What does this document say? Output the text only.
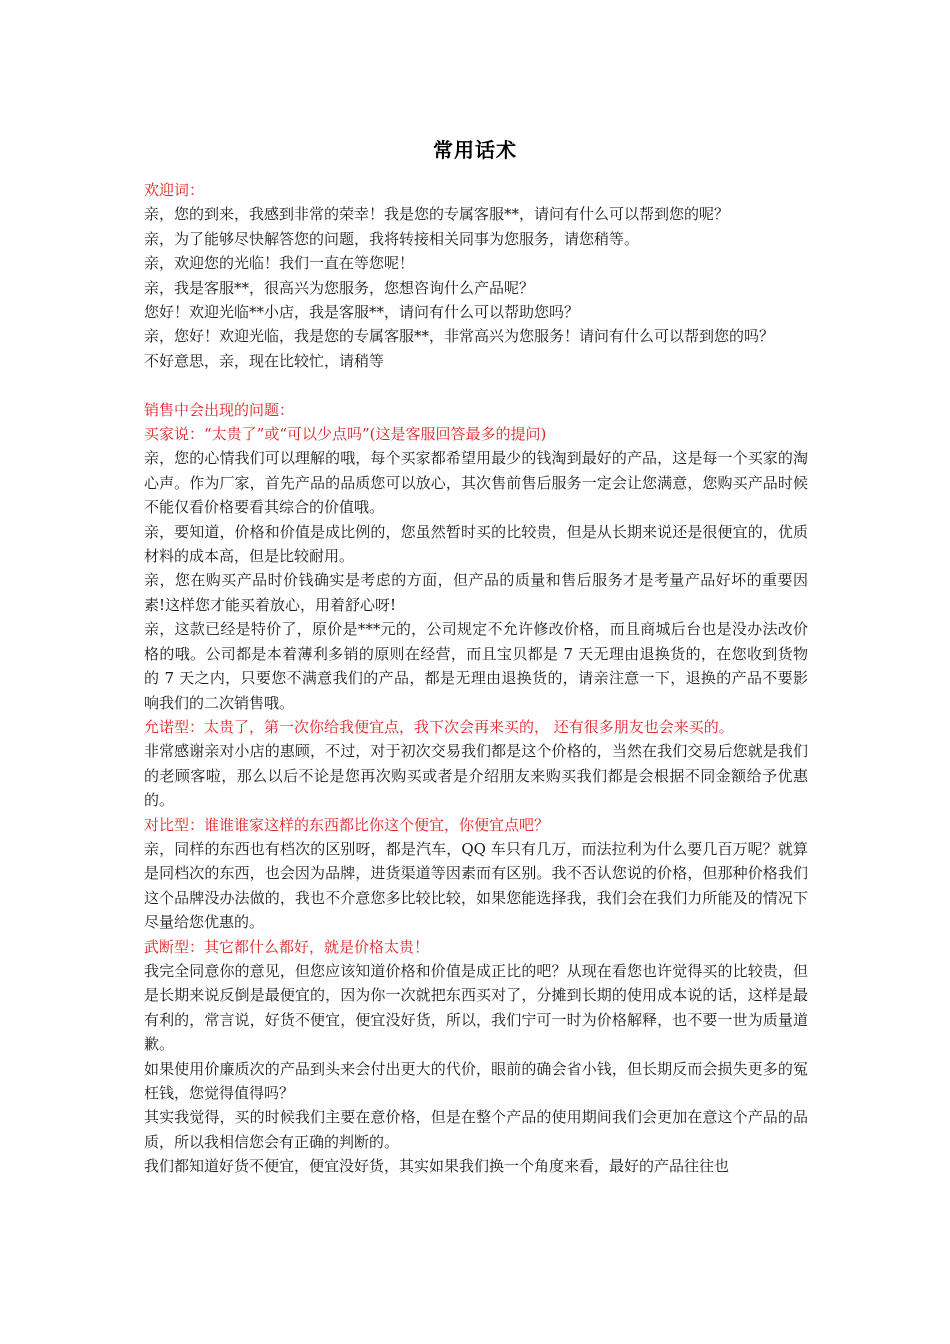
常用话术

欢迎词：

亲，您的到来，我感到非常的荣幸！我是您的专属客服**，请问有什么可以帮到您的呢？

亲，为了能够尽快解答您的问题，我将转接相关同事为您服务，请您稍等。

亲，欢迎您的光临！我们一直在等您呢！

亲，我是客服**，很高兴为您服务，您想咨询什么产品呢？

您好！欢迎光临**小店，我是客服**，请问有什么可以帮助您吗？

亲，您好！欢迎光临，我是您的专属客服**，非常高兴为您服务！请问有什么可以帮到您的吗？

不好意思，亲，现在比较忙，请稍等

销售中会出现的问题：

买家说：“太贵了”或“可以少点吗”(这是客服回答最多的提问)

亲，您的心情我们可以理解的哦，每个买家都希望用最少的钱淘到最好的产品，这是每一个买家的淘心声。作为厂家，首先产品的品质您可以放心，其次售前售后服务一定会让您满意，您购买产品时候不能仅看价格要看其综合的价值哦。

亲，要知道，价格和价值是成比例的，您虽然暂时买的比较贵，但是从长期来说还是很便宜的，优质材料的成本高，但是比较耐用。

亲，您在购买产品时价钱确实是考虑的方面，但产品的质量和售后服务才是考量产品好坏的重要因素!这样您才能买着放心，用着舒心呀!

亲，这款已经是特价了，原价是***元的，公司规定不允许修改价格，而且商城后台也是没办法改价格的哦。公司都是本着薄利多销的原则在经营，而且宝贝都是 7 天无理由退换货的，在您收到货物的 7 天之内，只要您不满意我们的产品，都是无理由退换货的，请亲注意一下，退换的产品不要影响我们的二次销售哦。

允诺型：太贵了，第一次你给我便宜点，我下次会再来买的， 还有很多朋友也会来买的。

非常感谢亲对小店的惠顾，不过，对于初次交易我们都是这个价格的，当然在我们交易后您就是我们的老顾客啦，那么以后不论是您再次购买或者是介绍朋友来购买我们都是会根据不同金额给予优惠的。

对比型：谁谁谁家这样的东西都比你这个便宜，你便宜点吧？

亲，同样的东西也有档次的区别呀，都是汽车，QQ 车只有几万，而法拉利为什么要几百万呢？就算是同档次的东西，也会因为品牌，进货渠道等因素而有区别。我不否认您说的价格，但那种价格我们这个品牌没办法做的，我也不介意您多比较比较，如果您能选择我，我们会在我们力所能及的情况下尽量给您优惠的。

武断型：其它都什么都好，就是价格太贵！

我完全同意你的意见，但您应该知道价格和价值是成正比的吧？从现在看您也许觉得买的比较贵，但是长期来说反倒是最便宜的，因为你一次就把东西买对了，分摊到长期的使用成本说的话，这样是最有利的，常言说，好货不便宜，便宜没好货，所以，我们宁可一时为价格解释，也不要一世为质量道歉。

如果使用价廉质次的产品到头来会付出更大的代价，眼前的确会省小钱，但长期反而会损失更多的冤枉钱，您觉得值得吗？

其实我觉得，买的时候我们主要在意价格，但是在整个产品的使用期间我们会更加在意这个产品的品质，所以我相信您会有正确的判断的。

我们都知道好货不便宜，便宜没好货，其实如果我们换一个角度来看，最好的产品往往也
